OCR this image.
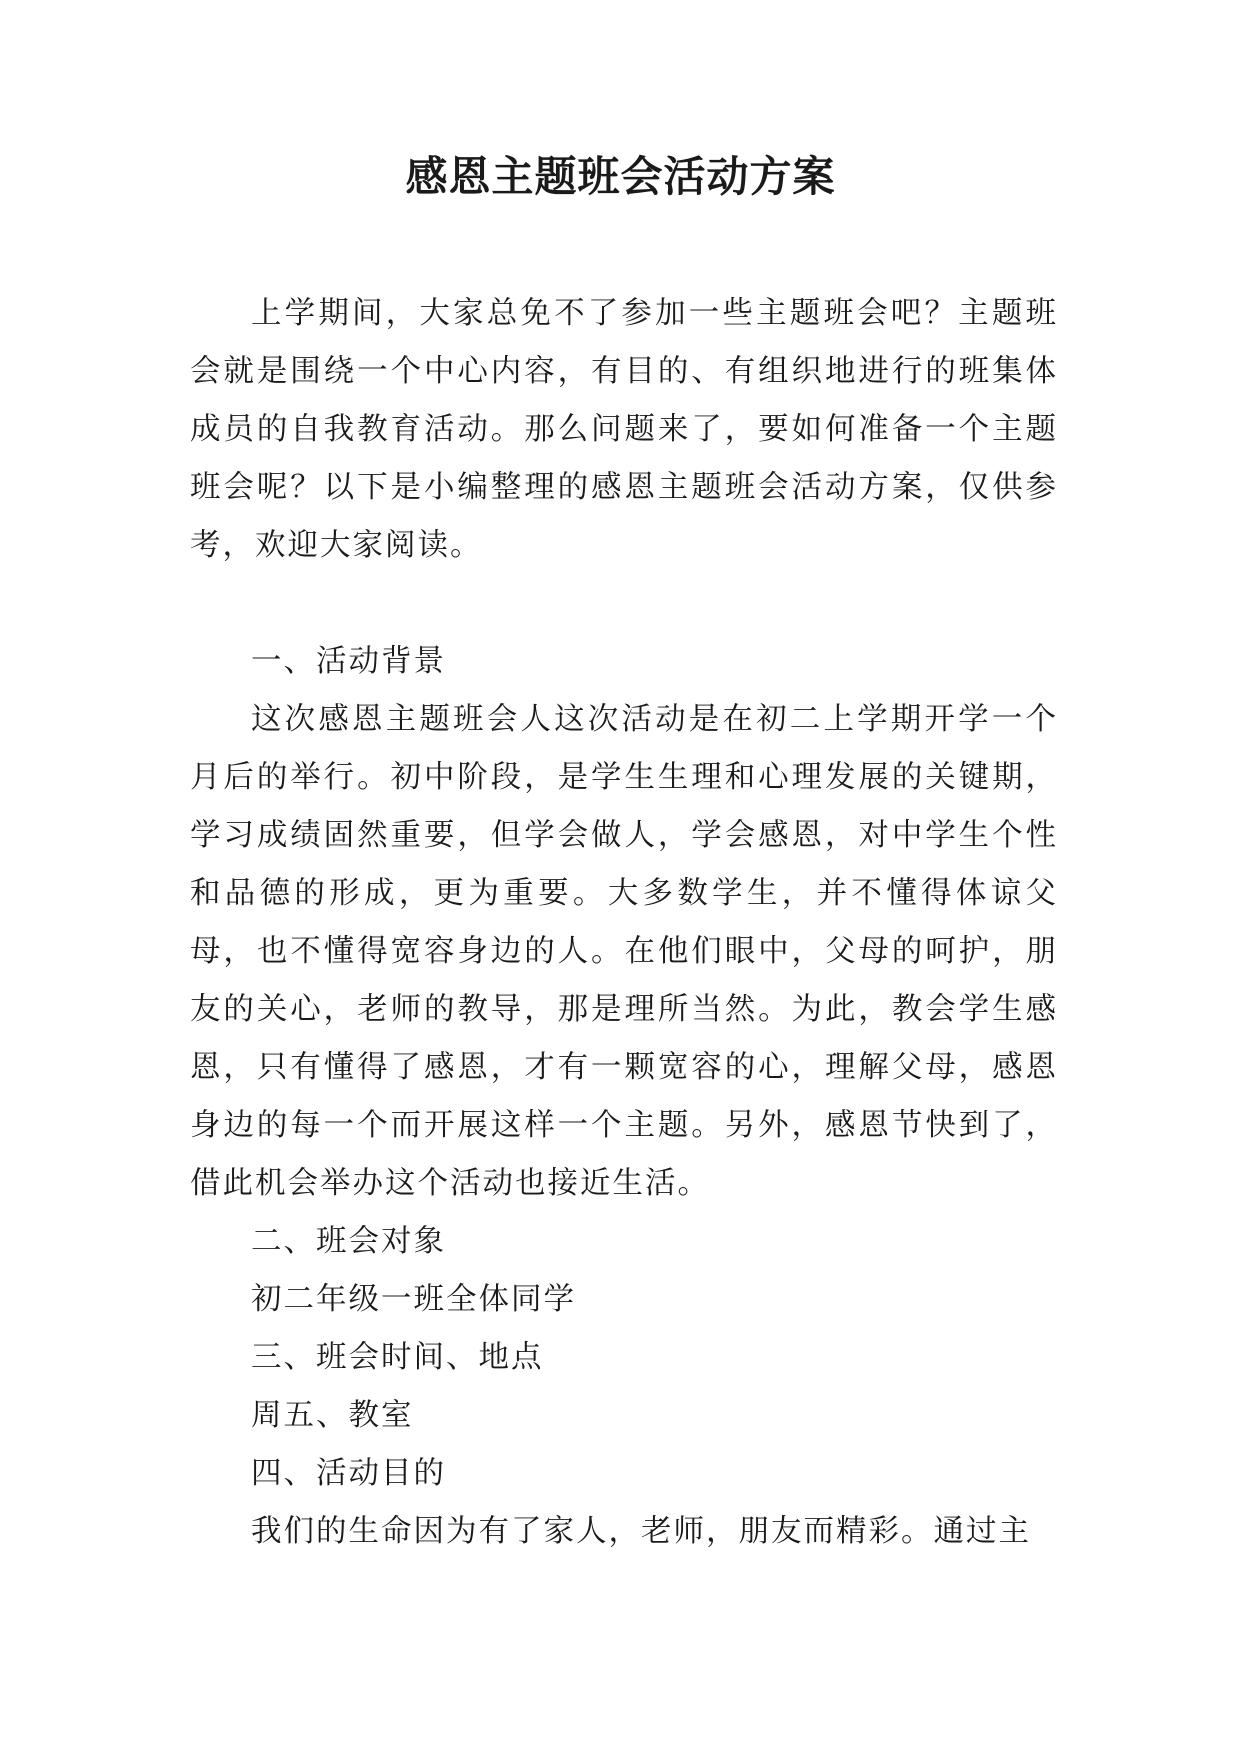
感恩主题班会活动方案

上学期间，大家总免不了参加一些主题班会吧？主题班会就是围绕一个中心内容，有目的、有组织地进行的班集体成员的自我教育活动。那么问题来了，要如何准备一个主题班会呢？以下是小编整理的感恩主题班会活动方案，仅供参考，欢迎大家阅读。

一、活动背景

这次感恩主题班会人这次活动是在初二上学期开学一个月后的举行。初中阶段，是学生生理和心理发展的关键期，学习成绩固然重要，但学会做人，学会感恩，对中学生个性和品德的形成，更为重要。大多数学生，并不懂得体谅父母，也不懂得宽容身边的人。在他们眼中，父母的呵护，朋友的关心，老师的教导，那是理所当然。为此，教会学生感恩，只有懂得了感恩，才有一颗宽容的心，理解父母，感恩身边的每一个而开展这样一个主题。另外，感恩节快到了，借此机会举办这个活动也接近生活。

二、班会对象

初二年级一班全体同学

三、班会时间、地点

周五、教室

四、活动目的

我们的生命因为有了家人，老师，朋友而精彩。通过主
